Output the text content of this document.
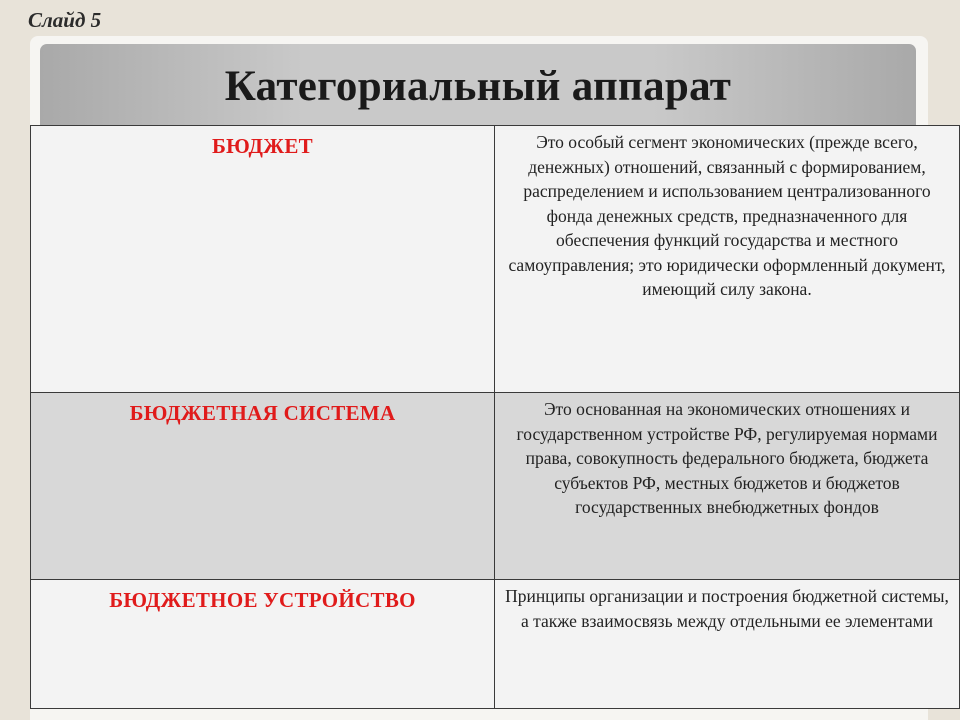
Слайд 5
Категориальный аппарат
БЮДЖЕТ	Это особый сегмент экономических (прежде всего, денежных) отношений, связанный с формированием, распределением и использованием централизованного фонда денежных средств, предназначенного для обеспечения функций государства и местного самоуправления; это юридически оформленный документ, имеющий силу закона.

БЮДЖЕТНАЯ СИСТЕМА	Это основанная на экономических отношениях и государственном устройстве РФ, регулируемая нормами права, совокупность федерального бюджета, бюджета субъектов РФ, местных бюджетов и бюджетов государственных внебюджетных фондов

БЮДЖЕТНОЕ УСТРОЙСТВО	Принципы организации и построения бюджетной системы, а также взаимосвязь между отдельными ее элементами
